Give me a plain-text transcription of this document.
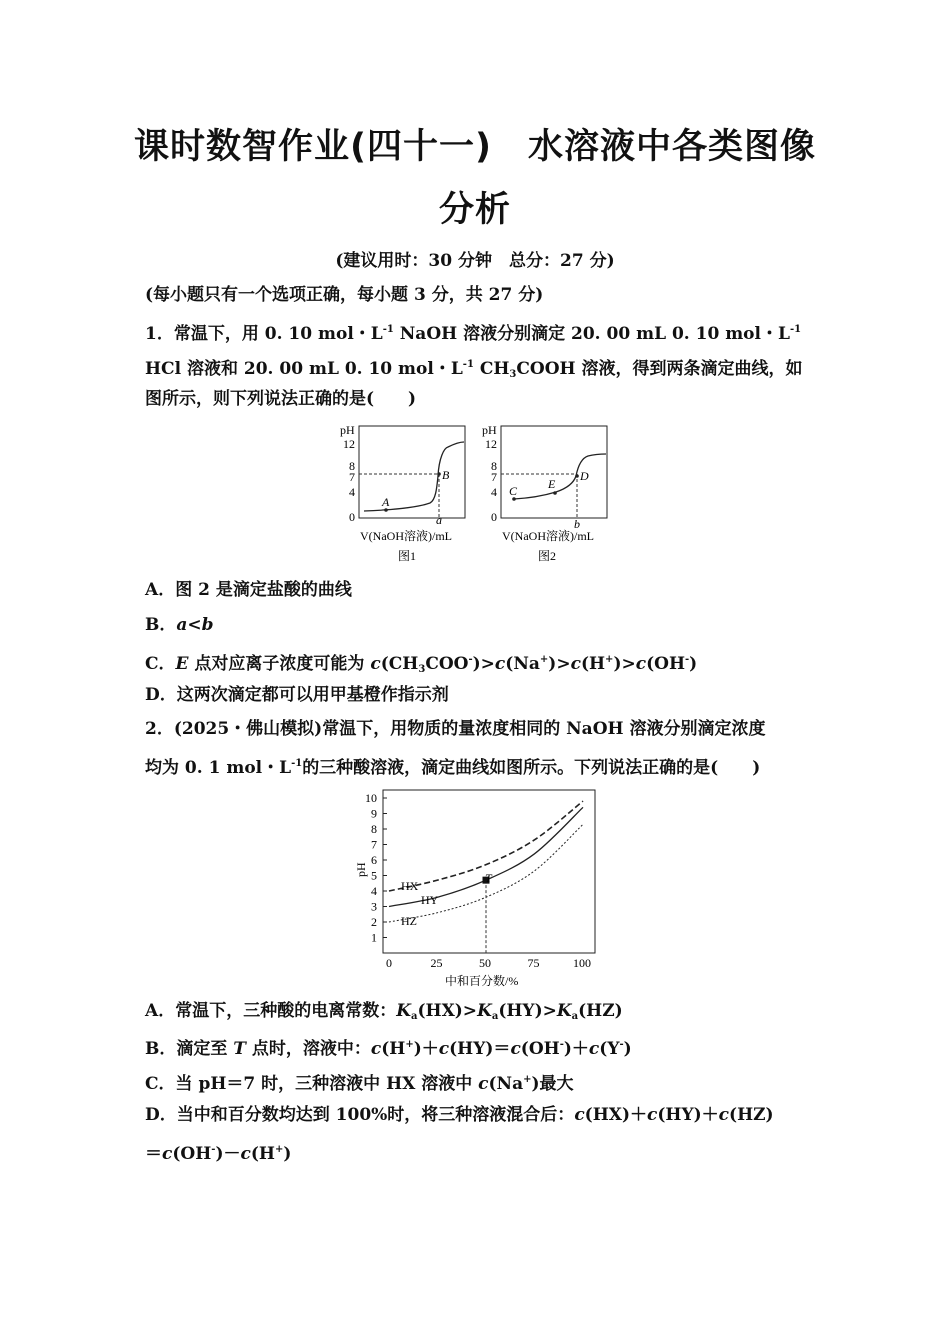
课时数智作业(四十一)　水溶液中各类图像
分析
(建议用时：30 分钟　总分：27 分)
(每小题只有一个选项正确，每小题 3 分，共 27 分)
1．常温下，用 0. 10 mol・$L^{-1}$ NaOH 溶液分别滴定 20. 00 mL 0. 10 mol・$L^{-1}$
HCl 溶液和 20. 00 mL 0. 10 mol・$L^{-1}$ $CH_3COOH$ 溶液，得到两条滴定曲线，如
图所示，则下列说法正确的是(　　)
pH
12
8
7
4
0
A
B
a
V(NaOH溶液)/mL
图1
pH
12
8
7
4
0
C	E
D
b
V(NaOH溶液)/mL
图2
A．图 2 是滴定盐酸的曲线
B．a<b
C．E 点对应离子浓度可能为 $c(CH_3COO^-)>c(Na^+)>c(H^+)>c(OH^-)$
D．这两次滴定都可以用甲基橙作指示剂
2．(2025・佛山模拟)常温下，用物质的量浓度相同的 NaOH 溶液分别滴定浓度
均为 0. 1 mol・$L^{-1}$的三种酸溶液，滴定曲线如图所示。下列说法正确的是(　　)
1
2
3
4
5
6
7
8
9
10
0	25	50	75	100
pH
中和百分数/%
HX
HY
HZ
T
A．常温下，三种酸的电离常数：$K_a(HX)>K_a(HY)>K_a(HZ)$
B．滴定至 T 点时，溶液中：c(H+)＋c(HY)＝c(OH-)＋c(Y-)
C．当 pH＝7 时，三种溶液中 HX 溶液中 c(Na+)最大
D．当中和百分数均达到 100%时，将三种溶液混合后：c(HX)＋c(HY)＋c(HZ)
＝c(OH-)－c(H+)
